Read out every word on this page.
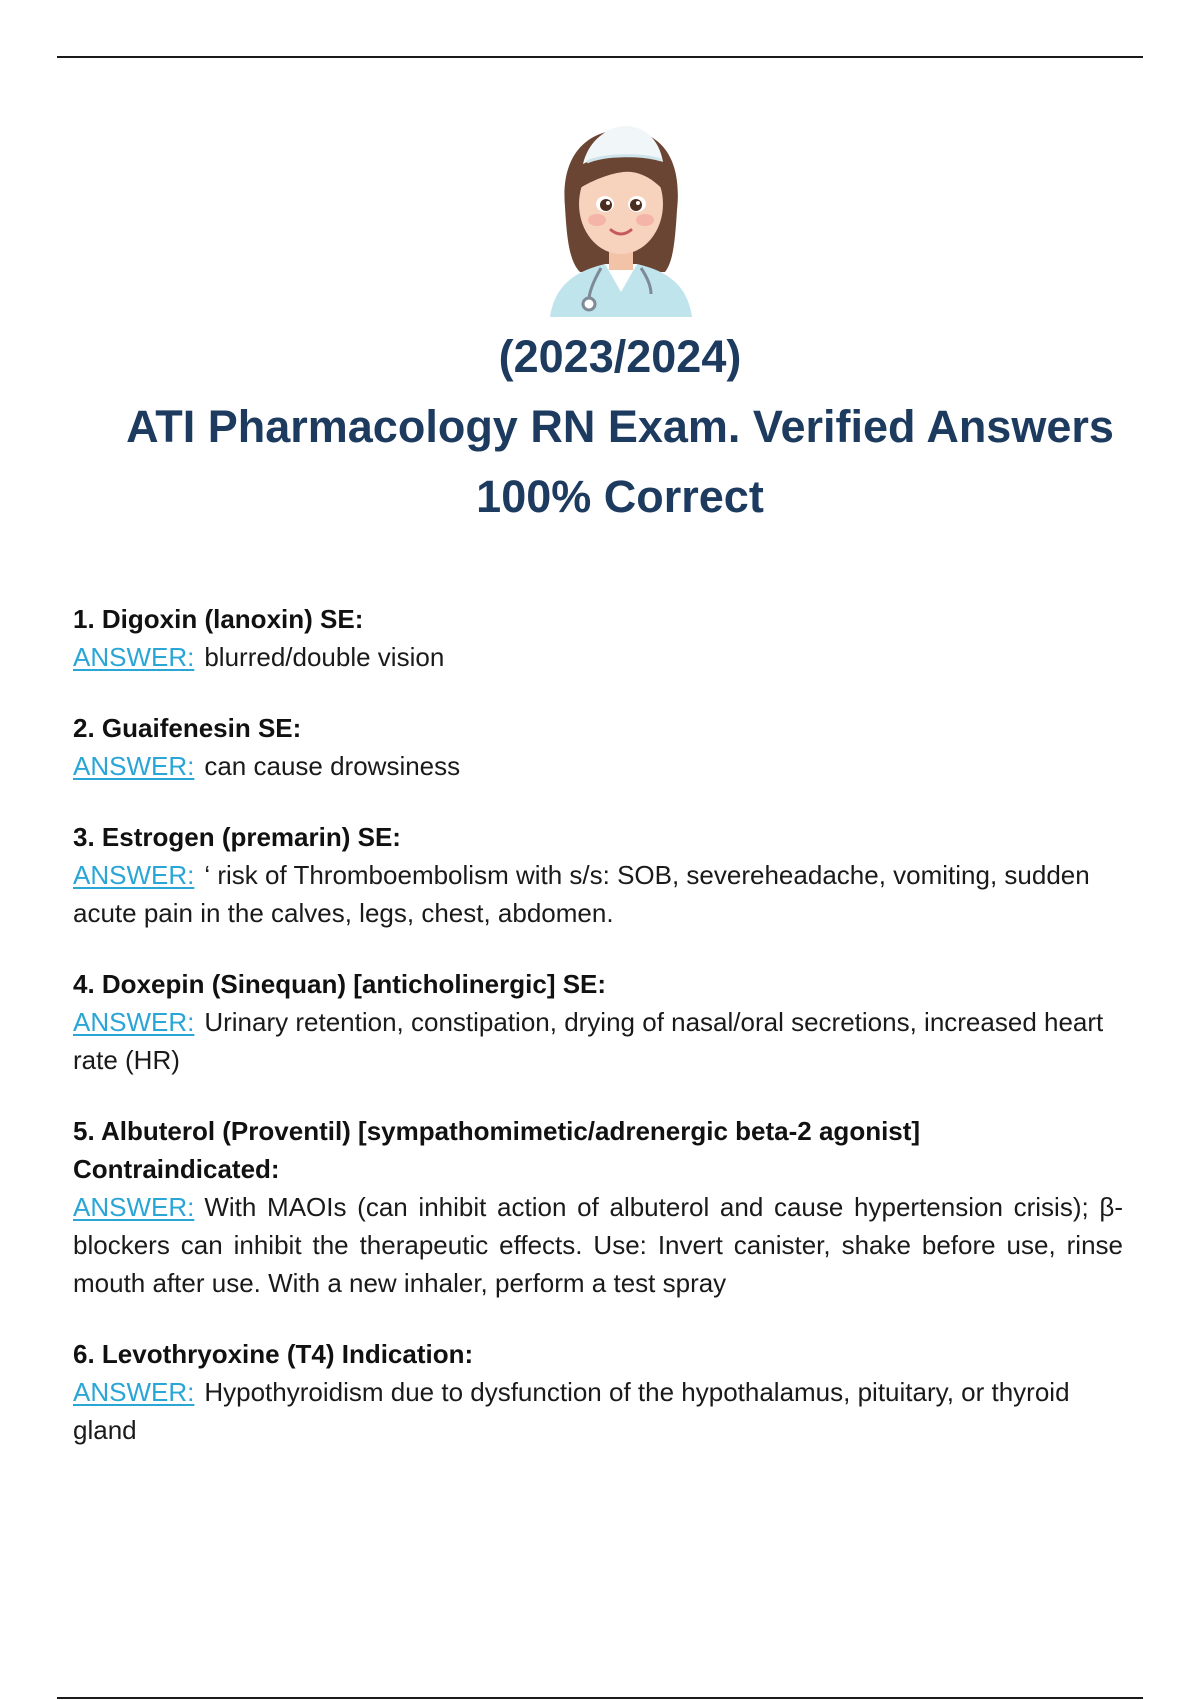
(2023/2024)
ATI Pharmacology RN Exam. Verified Answers
100% Correct
1. Digoxin (lanoxin) SE:
ANSWER: blurred/double vision
2. Guaifenesin SE:
ANSWER: can cause drowsiness
3. Estrogen (premarin) SE:
ANSWER: ‘ risk of Thromboembolism with s/s: SOB, severeheadache, vomiting, sudden acute pain in the calves, legs, chest, abdomen.
4. Doxepin (Sinequan) [anticholinergic] SE:
ANSWER: Urinary retention, constipation, drying of nasal/oral secretions, increased heart rate (HR)
5. Albuterol (Proventil) [sympathomimetic/adrenergic beta-2 agonist] Contraindicated:
ANSWER: With MAOIs (can inhibit action of albuterol and cause hypertension crisis); β-blockers can inhibit the therapeutic effects. Use: Invert canister, shake before use, rinse mouth after use. With a new inhaler, perform a test spray
6. Levothryoxine (T4) Indication:
ANSWER: Hypothyroidism due to dysfunction of the hypothalamus, pituitary, or thyroid gland
